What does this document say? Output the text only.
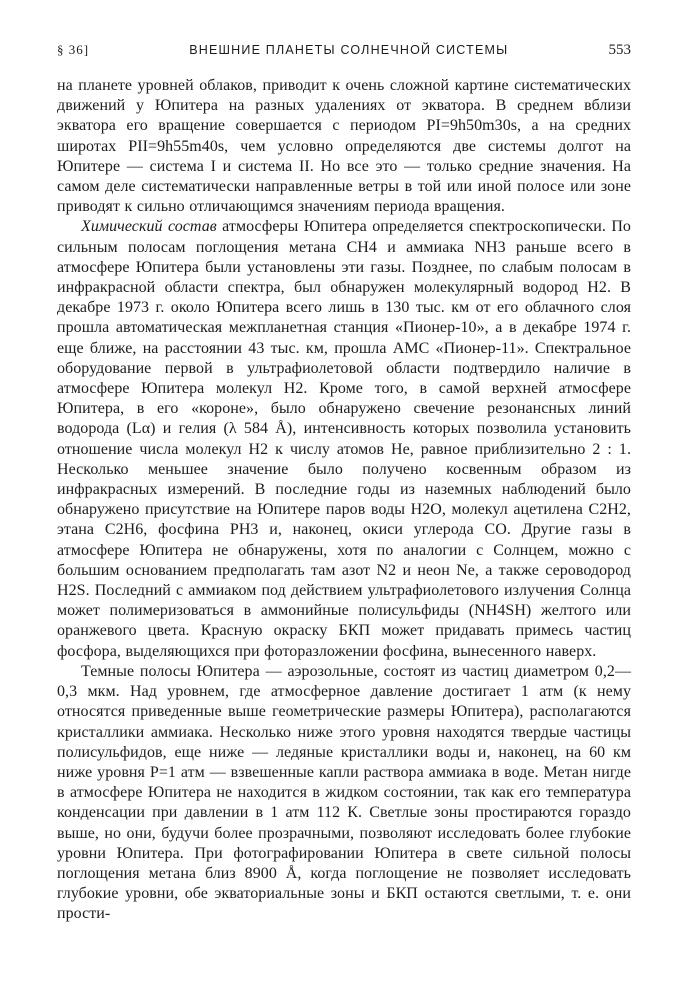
§ 36]	ВНЕШНИЕ ПЛАНЕТЫ СОЛНЕЧНОЙ СИСТЕМЫ	553

на планете уровней облаков, приводит к очень сложной картине систематических движений у Юпитера на разных удалениях от экватора. В среднем вблизи экватора его вращение совершается с периодом PI=9h50m30s, а на средних широтах PII=9h55m40s, чем условно определяются две системы долгот на Юпитере — система I и система II. Но все это — только средние значения. На самом деле систематически направленные ветры в той или иной полосе или зоне приводят к сильно отличающимся значениям периода вращения.

Химический состав атмосферы Юпитера определяется спектроскопически. По сильным полосам поглощения метана CH4 и аммиака NH3 раньше всего в атмосфере Юпитера были установлены эти газы. Позднее, по слабым полосам в инфракрасной области спектра, был обнаружен молекулярный водород H2. В декабре 1973 г. около Юпитера всего лишь в 130 тыс. км от его облачного слоя прошла автоматическая межпланетная станция «Пионер-10», а в декабре 1974 г. еще ближе, на расстоянии 43 тыс. км, прошла АМС «Пионер-11». Спектральное оборудование первой в ультрафиолетовой области подтвердило наличие в атмосфере Юпитера молекул H2. Кроме того, в самой верхней атмосфере Юпитера, в его «короне», было обнаружено свечение резонансных линий водорода (Lα) и гелия (λ 584 Å), интенсивность которых позволила установить отношение числа молекул H2 к числу атомов He, равное приблизительно 2 : 1. Несколько меньшее значение было получено косвенным образом из инфракрасных измерений. В последние годы из наземных наблюдений было обнаружено присутствие на Юпитере паров воды H2O, молекул ацетилена C2H2, этана C2H6, фосфина PH3 и, наконец, окиси углерода CO. Другие газы в атмосфере Юпитера не обнаружены, хотя по аналогии с Солнцем, можно с большим основанием предполагать там азот N2 и неон Ne, а также сероводород H2S. Последний с аммиаком под действием ультрафиолетового излучения Солнца может полимеризоваться в аммонийные полисульфиды (NH4SH) желтого или оранжевого цвета. Красную окраску БКП может придавать примесь частиц фосфора, выделяющихся при фоторазложении фосфина, вынесенного наверх.

Темные полосы Юпитера — аэрозольные, состоят из частиц диаметром 0,2—0,3 мкм. Над уровнем, где атмосферное давление достигает 1 атм (к нему относятся приведенные выше геометрические размеры Юпитера), располагаются кристаллики аммиака. Несколько ниже этого уровня находятся твердые частицы полисульфидов, еще ниже — ледяные кристаллики воды и, наконец, на 60 км ниже уровня P=1 атм — взвешенные капли раствора аммиака в воде. Метан нигде в атмосфере Юпитера не находится в жидком состоянии, так как его температура конденсации при давлении в 1 атм 112 К. Светлые зоны простираются гораздо выше, но они, будучи более прозрачными, позволяют исследовать более глубокие уровни Юпитера. При фотографировании Юпитера в свете сильной полосы поглощения метана близ 8900 Å, когда поглощение не позволяет исследовать глубокие уровни, обе экваториальные зоны и БКП остаются светлыми, т. е. они прости-
